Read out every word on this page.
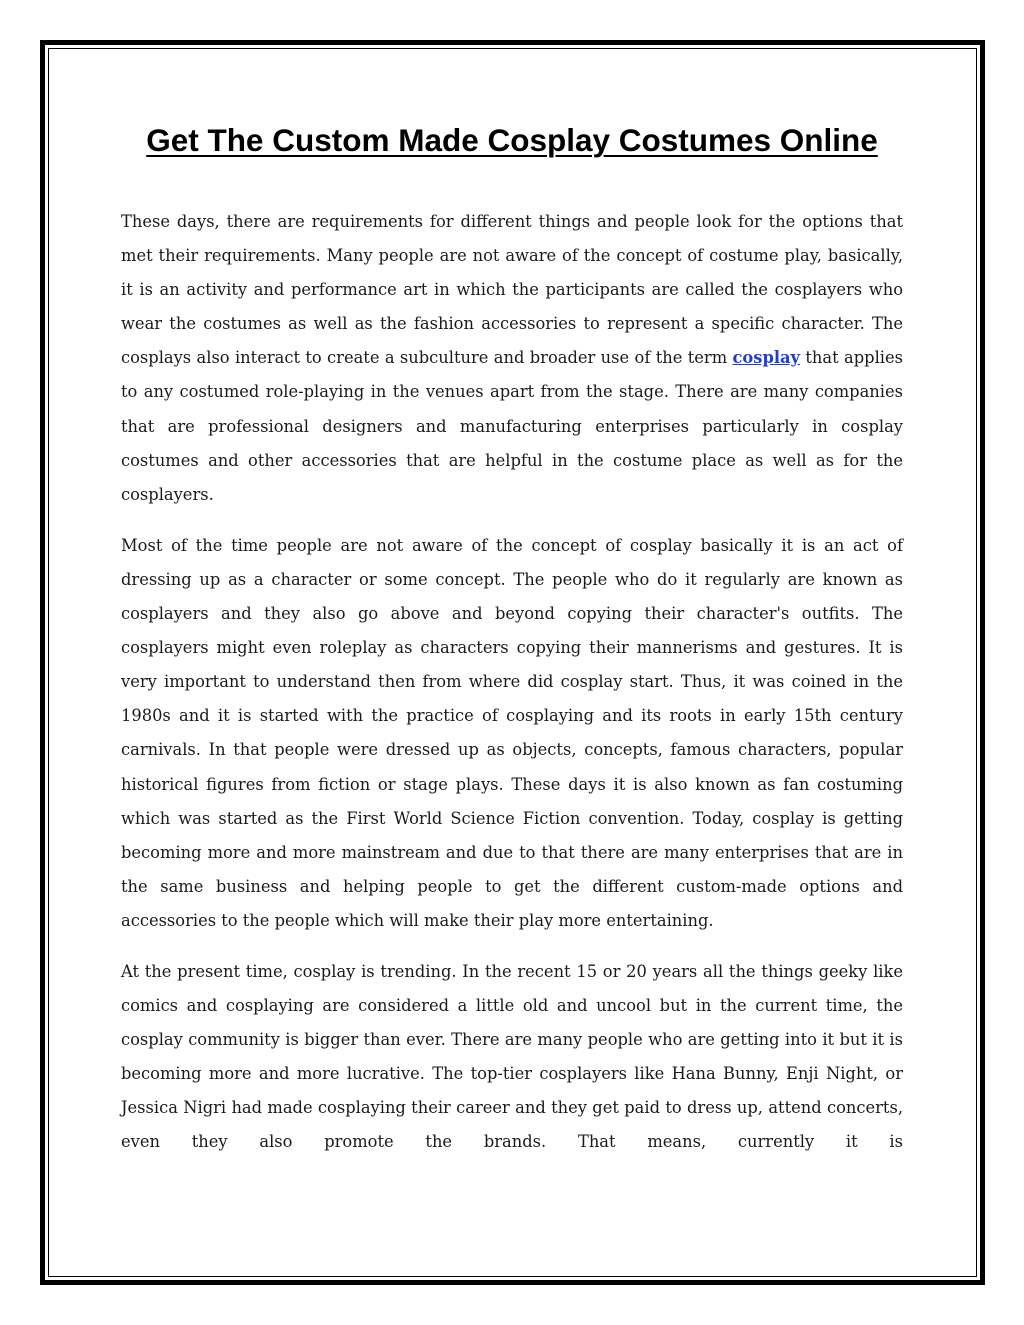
Get The Custom Made Cosplay Costumes Online

These days, there are requirements for different things and people look for the options that met their requirements. Many people are not aware of the concept of costume play, basically, it is an activity and performance art in which the participants are called the cosplayers who wear the costumes as well as the fashion accessories to represent a specific character. The cosplays also interact to create a subculture and broader use of the term cosplay that applies to any costumed role-playing in the venues apart from the stage. There are many companies that are professional designers and manufacturing enterprises particularly in cosplay costumes and other accessories that are helpful in the costume place as well as for the cosplayers.

Most of the time people are not aware of the concept of cosplay basically it is an act of dressing up as a character or some concept. The people who do it regularly are known as cosplayers and they also go above and beyond copying their character's outfits. The cosplayers might even roleplay as characters copying their mannerisms and gestures. It is very important to understand then from where did cosplay start. Thus, it was coined in the 1980s and it is started with the practice of cosplaying and its roots in early 15th century carnivals. In that people were dressed up as objects, concepts, famous characters, popular historical figures from fiction or stage plays. These days it is also known as fan costuming which was started as the First World Science Fiction convention. Today, cosplay is getting becoming more and more mainstream and due to that there are many enterprises that are in the same business and helping people to get the different custom-made options and accessories to the people which will make their play more entertaining.

At the present time, cosplay is trending. In the recent 15 or 20 years all the things geeky like comics and cosplaying are considered a little old and uncool but in the current time, the cosplay community is bigger than ever. There are many people who are getting into it but it is becoming more and more lucrative. The top-tier cosplayers like Hana Bunny, Enji Night, or Jessica Nigri had made cosplaying their career and they get paid to dress up, attend concerts, even they also promote the brands. That means, currently it is
